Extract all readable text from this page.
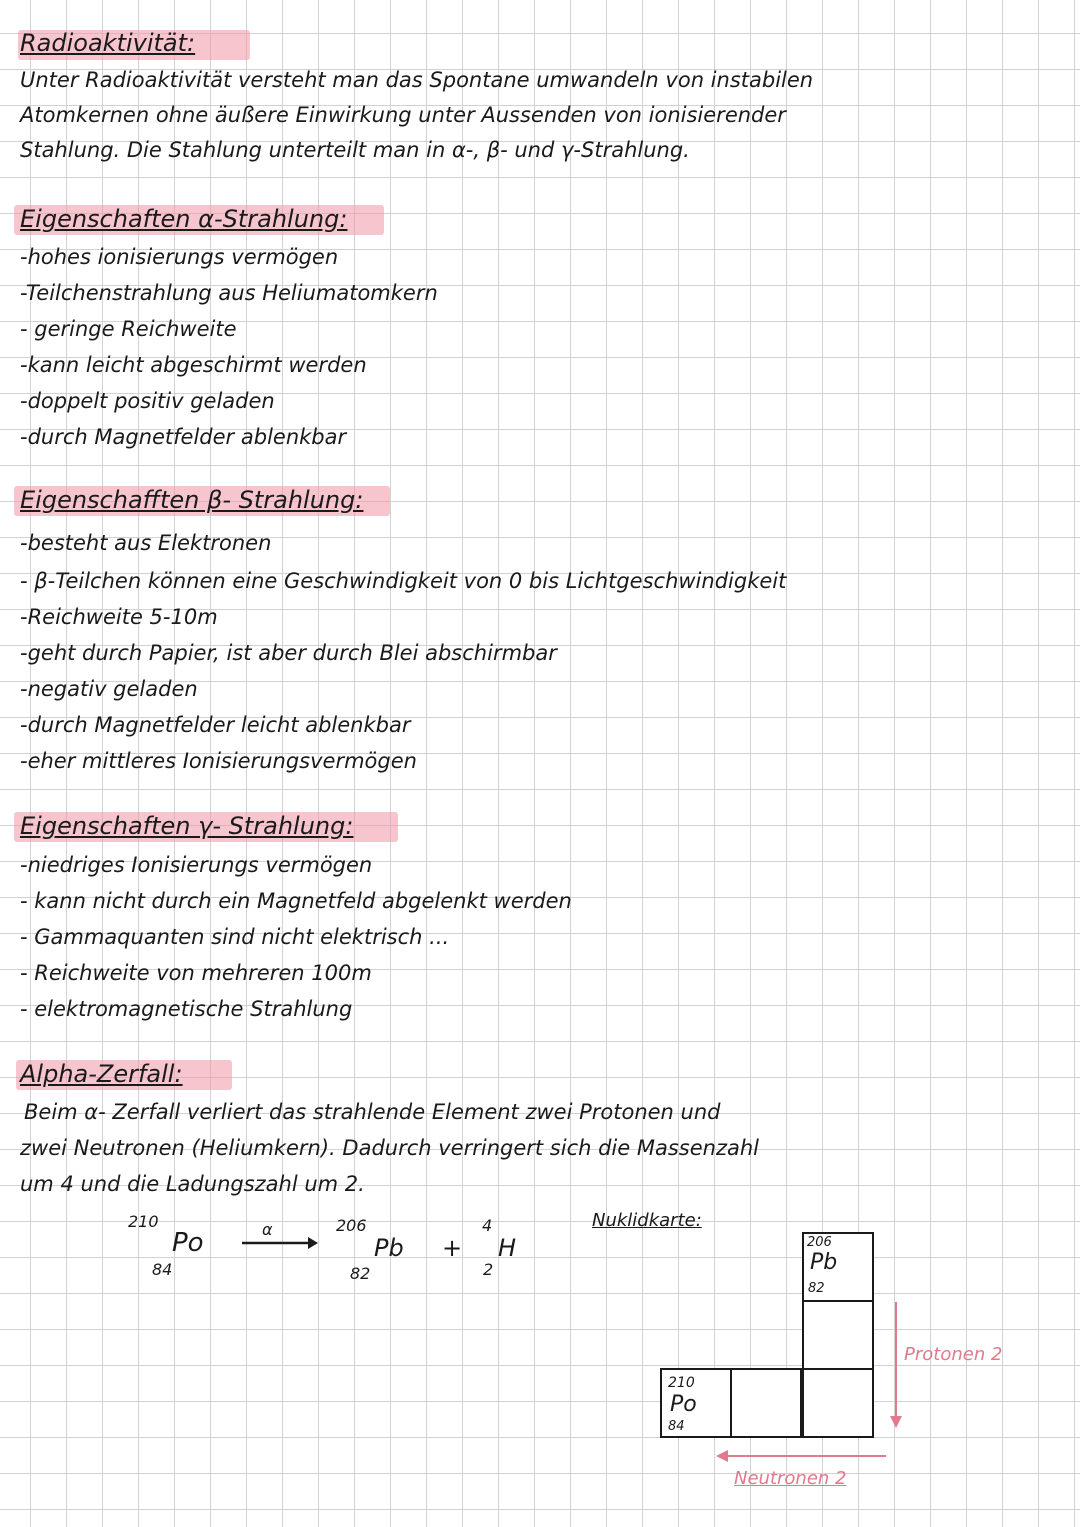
Radioaktivität:
Unter Radioaktivität versteht man das Spontane umwandeln von instabilen
Atomkernen ohne äußere Einwirkung unter Aussenden von ionisierender
Stahlung. Die Stahlung unterteilt man in α-, β- und γ-Strahlung.
Eigenschaften α-Strahlung:
-hohes ionisierungs vermögen
-Teilchenstrahlung aus Heliumatomkern
- geringe Reichweite
-kann leicht abgeschirmt werden
-doppelt positiv geladen
-durch Magnetfelder ablenkbar
Eigenschafften β- Strahlung:
-besteht aus Elektronen
- β-Teilchen können eine Geschwindigkeit von 0 bis Lichtgeschwindigkeit
-Reichweite 5-10m
-geht durch Papier, ist aber durch Blei abschirmbar
-negativ geladen
-durch Magnetfelder leicht ablenkbar
-eher mittleres Ionisierungsvermögen
Eigenschaften γ- Strahlung:
-niedriges Ionisierungs vermögen
- kann nicht durch ein Magnetfeld abgelenkt werden
- Gammaquanten sind nicht elektrisch ...
- Reichweite von mehreren 100m
- elektromagnetische Strahlung
Alpha-Zerfall:
Beim α- Zerfall verliert das strahlende Element zwei Protonen und
zwei Neutronen (Heliumkern). Dadurch verringert sich die Massenzahl
um 4 und die Ladungszahl um 2.
210
Po
84
α	206
Pb
82
+
4
H
2
Nuklidkarte:
206
Pb
82
210
Po
84
Protonen 2
Neutronen 2
